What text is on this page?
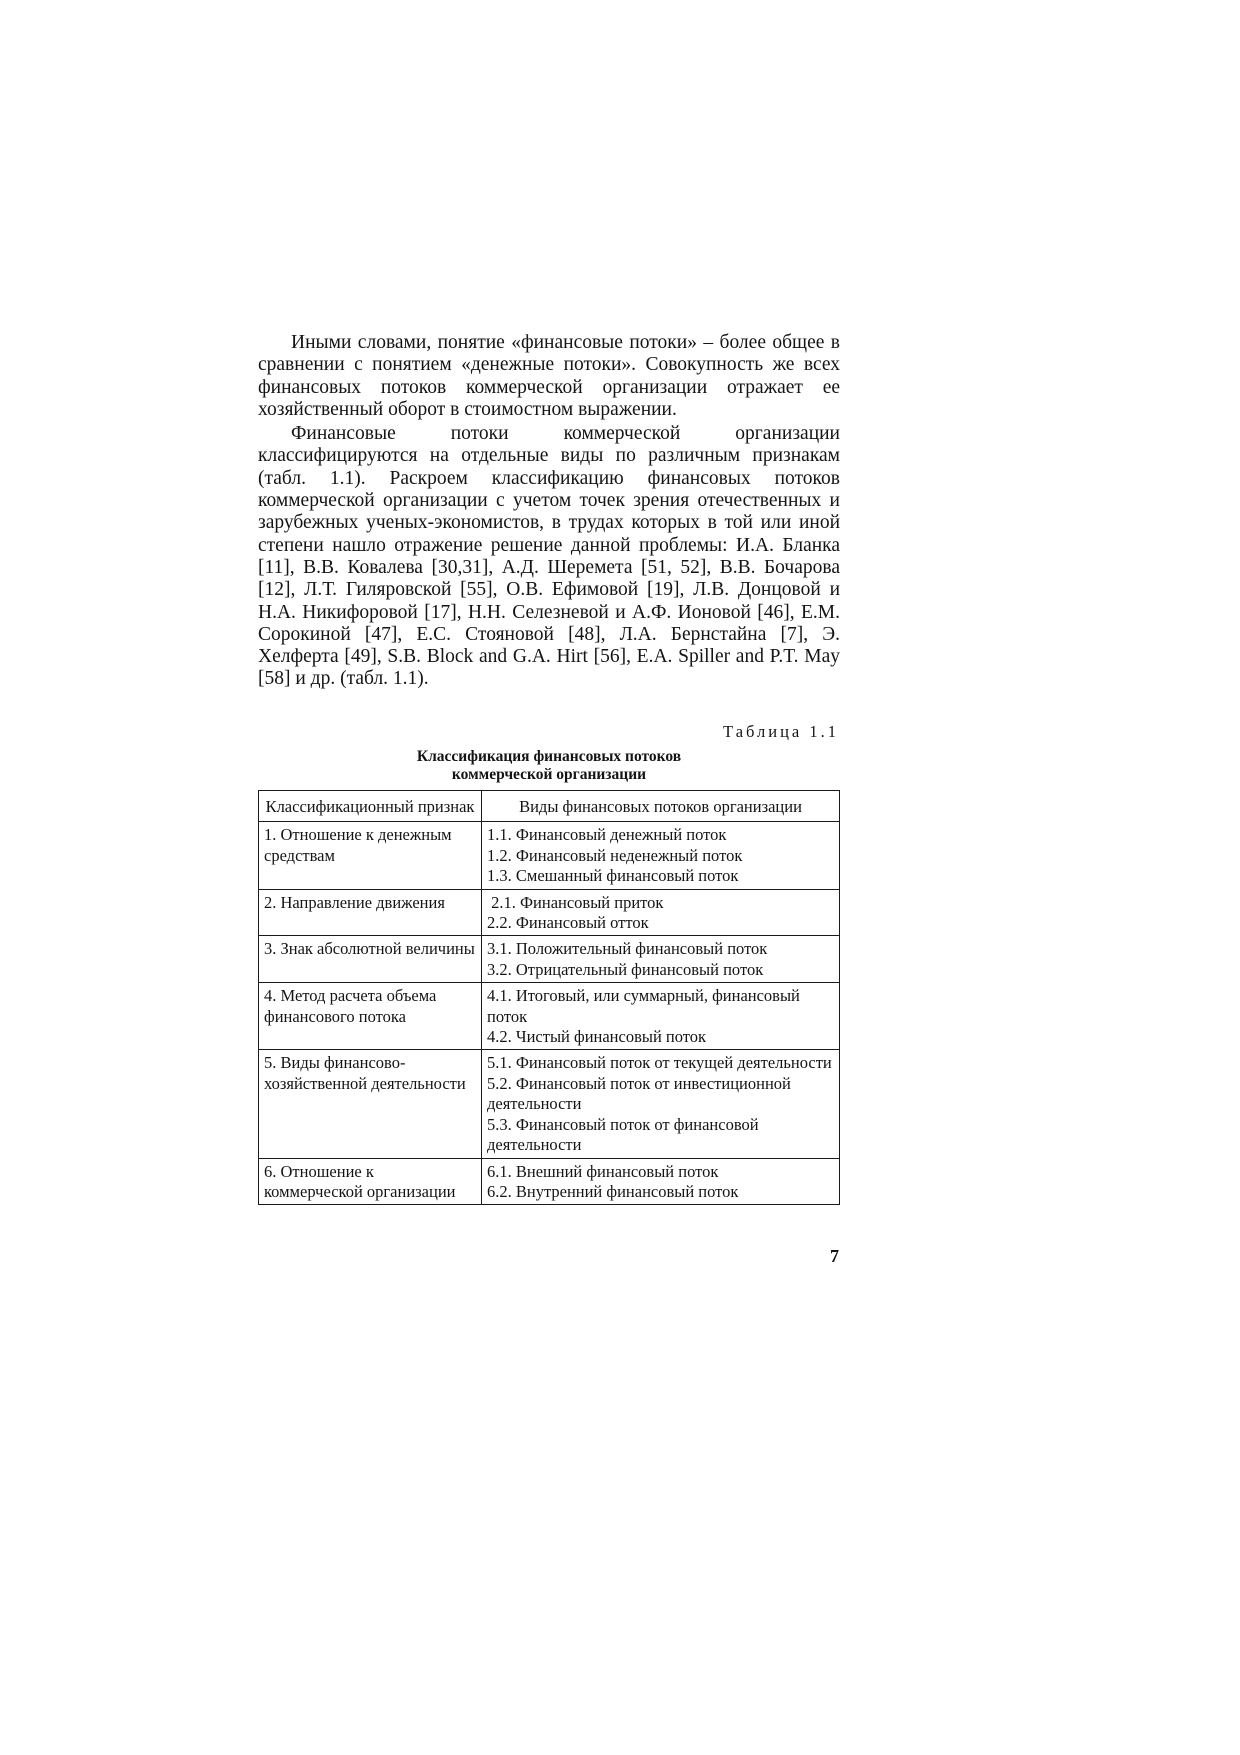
Иными словами, понятие «финансовые потоки» – более общее в сравнении с понятием «денежные потоки». Совокупность же всех финансовых потоков коммерческой организации отражает ее хозяйственный оборот в стоимостном выражении.

Финансовые потоки коммерческой организации классифицируются на отдельные виды по различным признакам (табл. 1.1). Раскроем классификацию финансовых потоков коммерческой организации с учетом точек зрения отечественных и зарубежных ученых-экономистов, в трудах которых в той или иной степени нашло отражение решение данной проблемы: И.А. Бланка [11], В.В. Ковалева [30,31], А.Д. Шеремета [51, 52], В.В. Бочарова [12], Л.Т. Гиляровской [55], О.В. Ефимовой [19], Л.В. Донцовой и Н.А. Никифоровой [17], Н.Н. Селезневой и А.Ф. Ионовой [46], Е.М. Сорокиной [47], Е.С. Стояновой [48], Л.А. Бернстайна [7], Э. Хелферта [49], S.B. Block and G.A. Hirt [56], E.A. Spiller and P.T. May [58] и др. (табл. 1.1).

Таблица 1.1
Классификация финансовых потоков
коммерческой организации
Классификационный признак	Виды финансовых потоков организации
1. Отношение к денежным средствам	1.1. Финансовый денежный поток
1.2. Финансовый неденежный поток
1.3. Смешанный финансовый поток

2. Направление движения	2.1. Финансовый приток
2.2. Финансовый отток

3. Знак абсолютной величины	3.1. Положительный финансовый поток
3.2. Отрицательный финансовый поток

4. Метод расчета объема финансового потока	4.1. Итоговый, или суммарный, финансовый поток
4.2. Чистый финансовый поток

5. Виды финансово-хозяйственной деятельности	5.1. Финансовый поток от текущей деятельности
5.2. Финансовый поток от инвестиционной деятельности
5.3. Финансовый поток от финансовой деятельности

6. Отношение к коммерческой организации	6.1. Внешний финансовый поток
6.2. Внутренний финансовый поток
7
